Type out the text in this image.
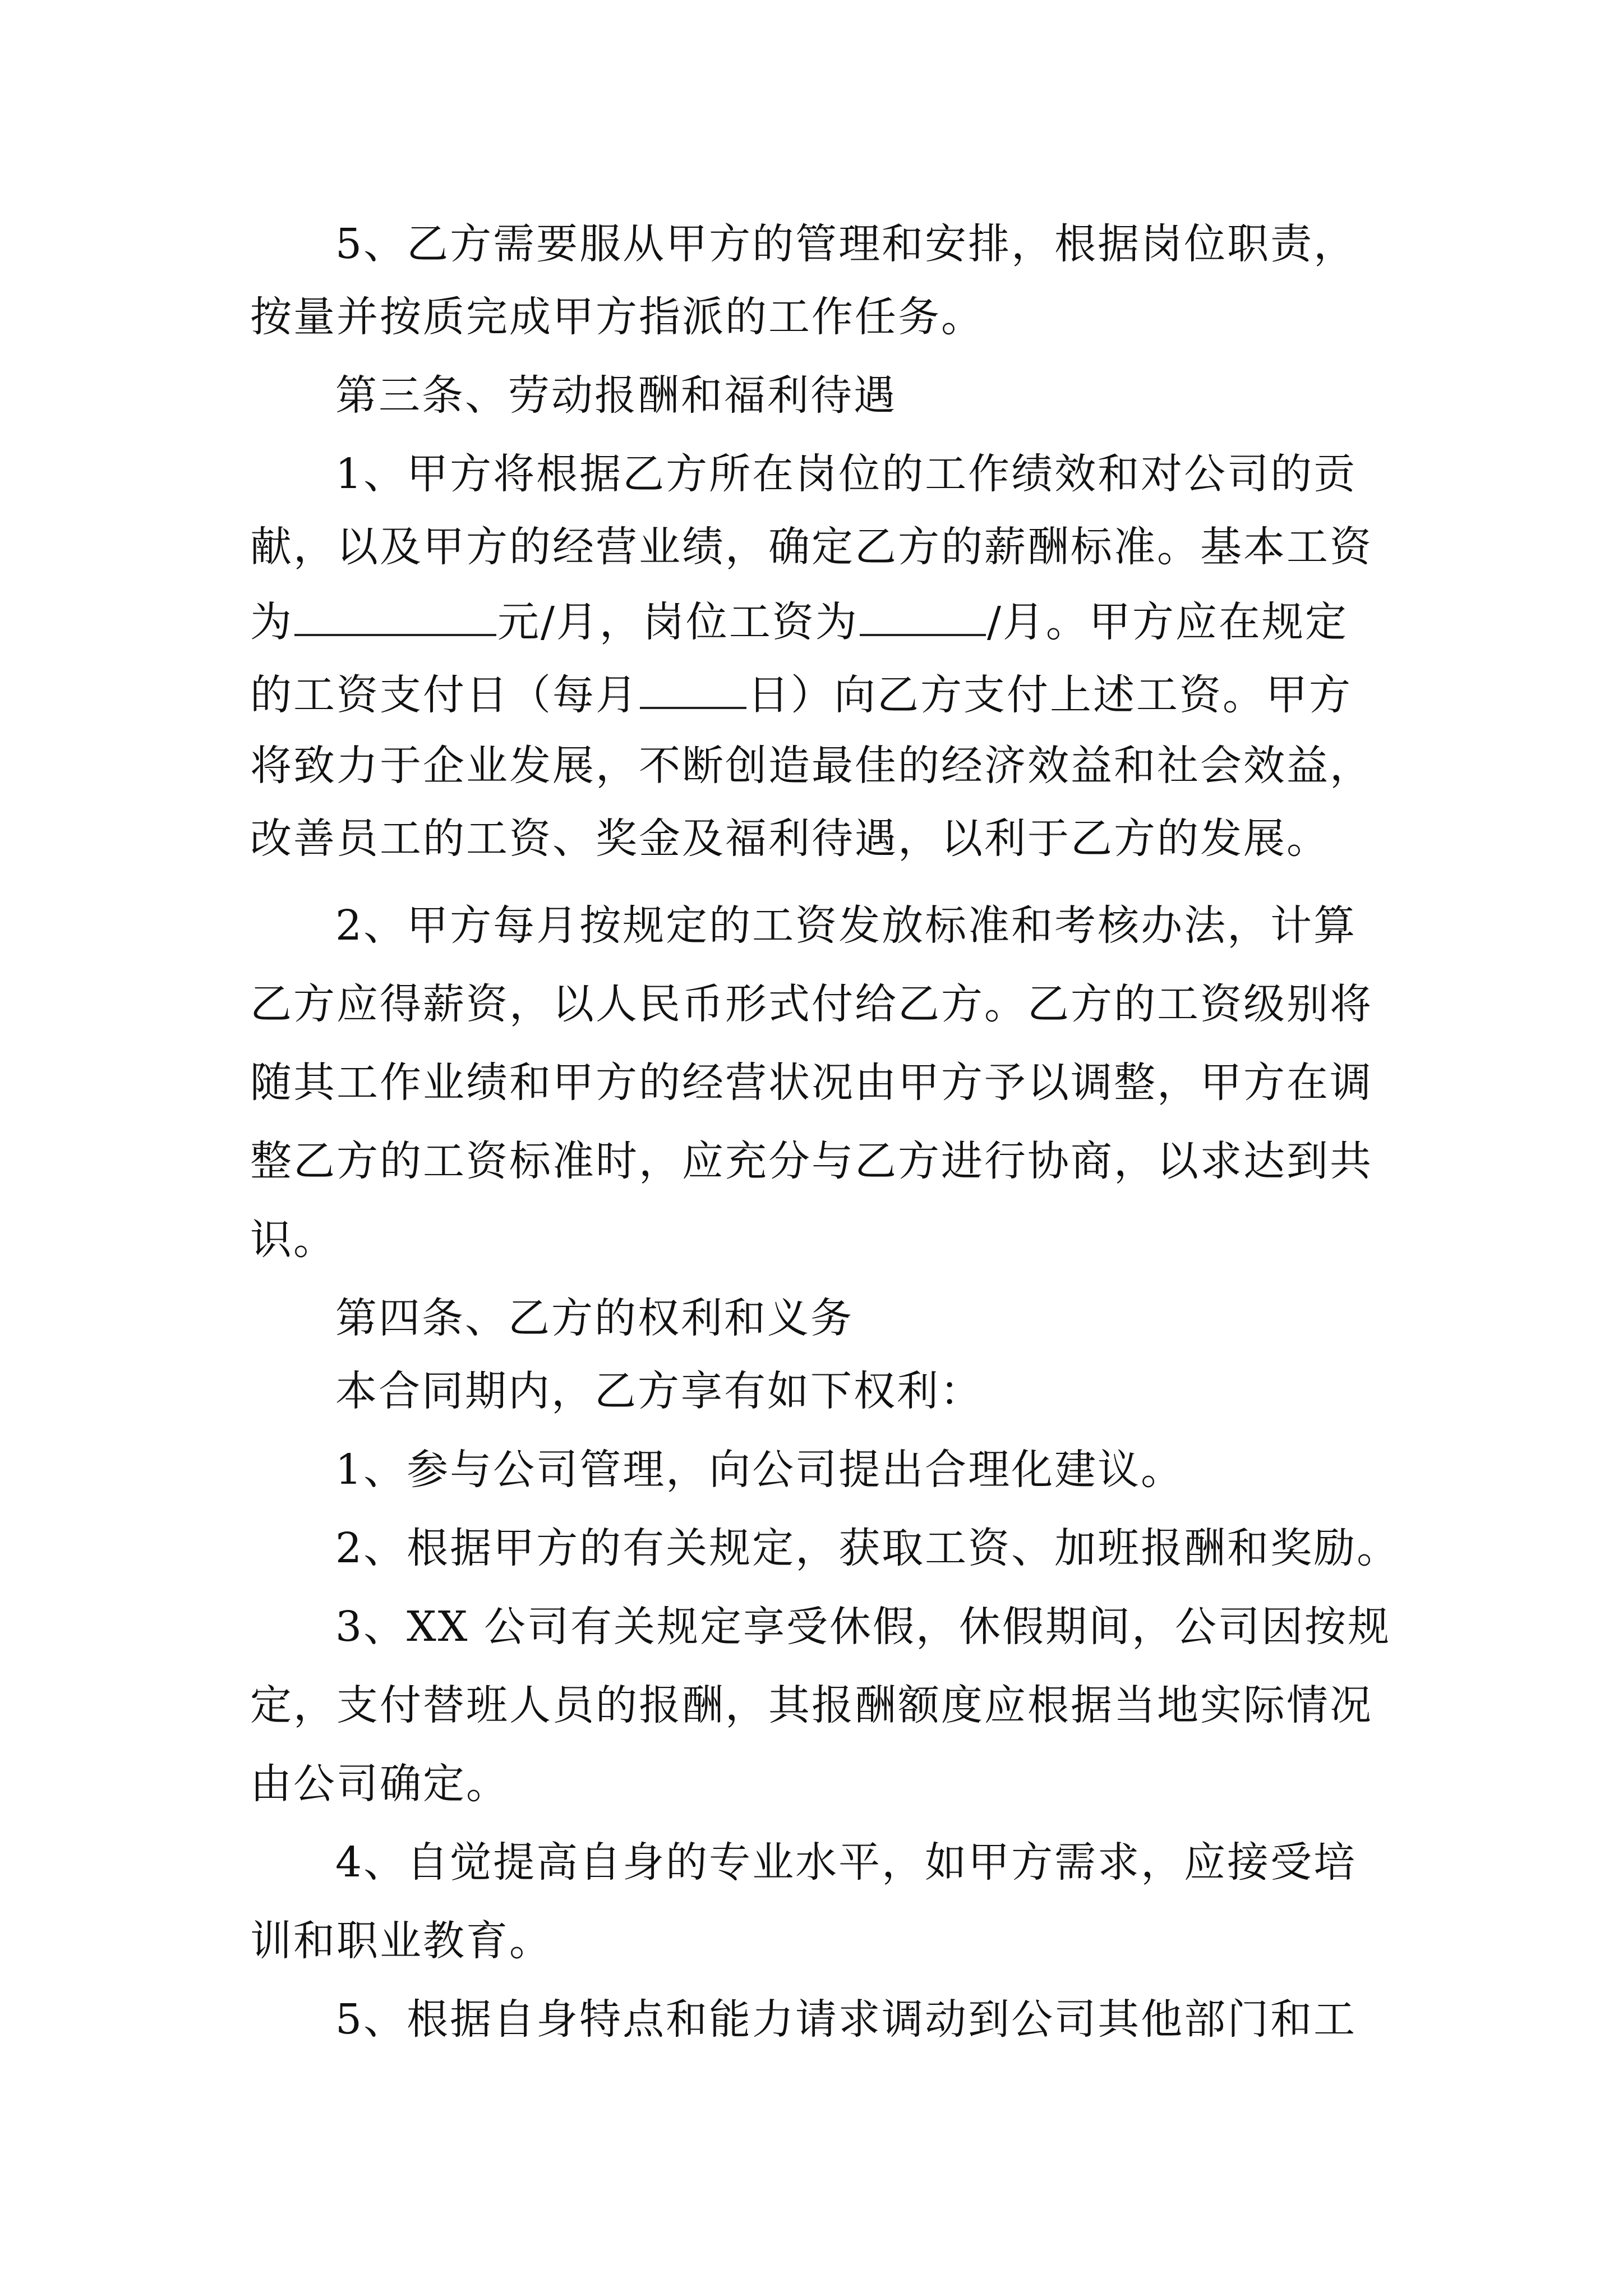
5、乙方需要服从甲方的管理和安排，根据岗位职责，
按量并按质完成甲方指派的工作任务。
第三条、劳动报酬和福利待遇
1、甲方将根据乙方所在岗位的工作绩效和对公司的贡
献，以及甲方的经营业绩，确定乙方的薪酬标准。基本工资
为	元/月，岗位工资为	/月。甲方应在规定
的工资支付日（每月	日）向乙方支付上述工资。甲方
将致力于企业发展，不断创造最佳的经济效益和社会效益，
改善员工的工资、奖金及福利待遇，以利于乙方的发展。
2、甲方每月按规定的工资发放标准和考核办法，计算
乙方应得薪资，以人民币形式付给乙方。乙方的工资级别将
随其工作业绩和甲方的经营状况由甲方予以调整，甲方在调
整乙方的工资标准时，应充分与乙方进行协商，以求达到共
识。
第四条、乙方的权利和义务
本合同期内，乙方享有如下权利：
1、参与公司管理，向公司提出合理化建议。
2、根据甲方的有关规定，获取工资、加班报酬和奖励。
3、XX 公司有关规定享受休假，休假期间，公司因按规
定，支付替班人员的报酬，其报酬额度应根据当地实际情况
由公司确定。
4、自觉提高自身的专业水平，如甲方需求，应接受培
训和职业教育。
5、根据自身特点和能力请求调动到公司其他部门和工
